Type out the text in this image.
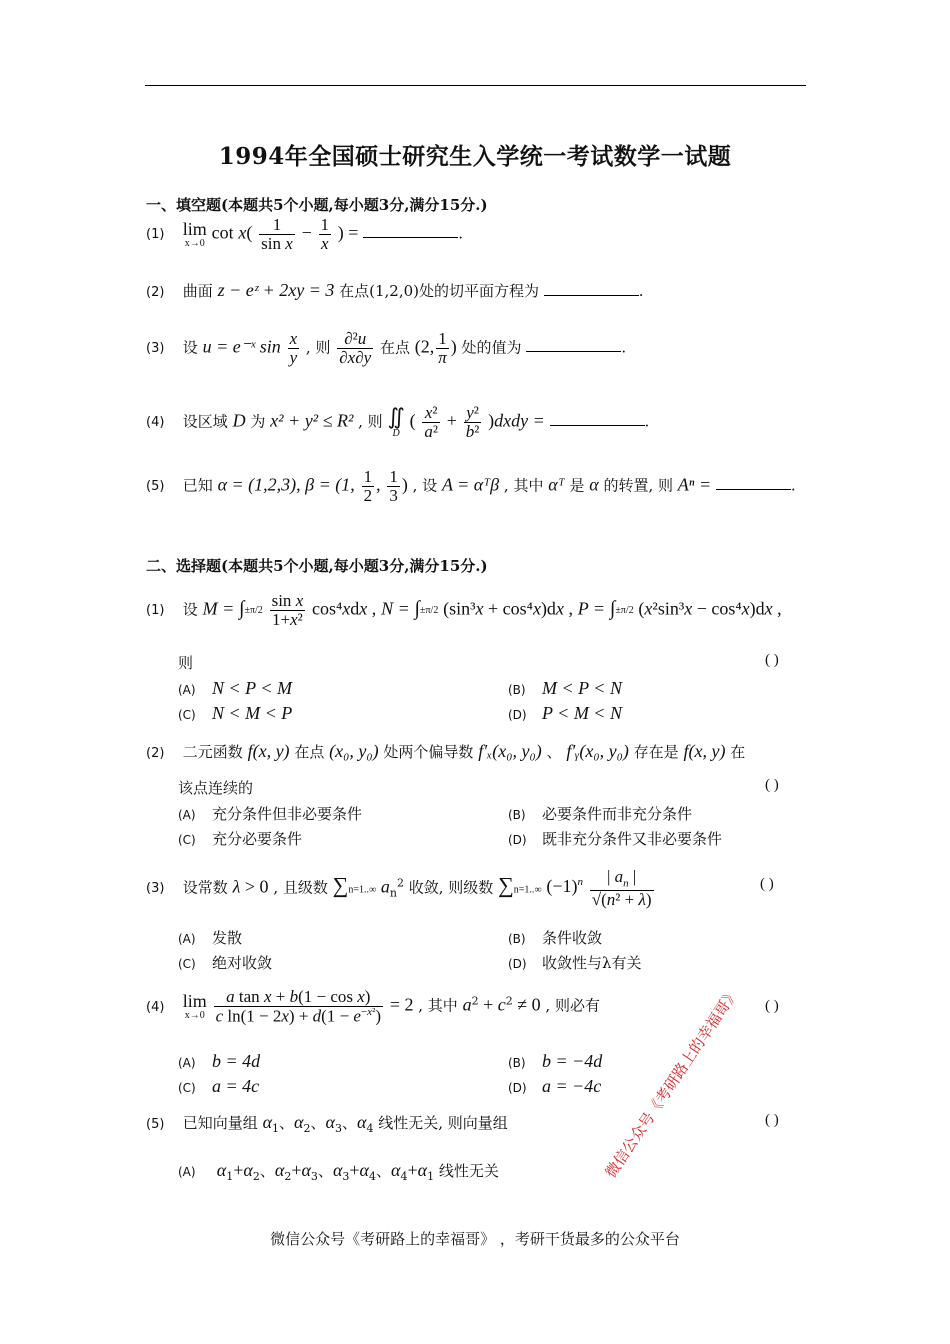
1994年全国硕士研究生入学统一考试数学一试题
一、填空题(本题共5个小题,每小题3分,满分15分.)
(1) lim
x→0
$\cot x( \frac{1}{\text{sin x}} - \frac{1}{x}$ ) =	.
(2) 曲面 z − eᶻ + 2xy = 3 在点(1,2,0)处的切平面方程为	.
(3) 设 u = e⁻ˣ $\sin \frac{x}{y}$ , 则 $\frac{\text{∂²u}}{\partial x\partial y}$ 在点 (2, $\frac{1}{\pi}$ ) 处的值为	.
(4) 设区域 D 为 x² + y² ≤ R² , 则 ∬
D
( $\frac{\text{x²}}{\text{a²}} + \frac{\text{y²}}{\text{b²}}$ )dxdy =	.
(5) 已知 α = (1,2,3), β = (1, $\frac{1}{2}$ , $\frac{1}{3}$ ) , 设 A = αᵀβ , 其中 αᵀ 是 α 的转置, 则 Aⁿ =	.
二、选择题(本题共5个小题,每小题3分,满分15分.)
(1) 设 $M = \int\pm\pi/2 \frac{\text{sin x}}{\text{1+x²}} \cos^4xdx$ , N = ∫±π/2 (sin³x + cos⁴x)dx , P = ∫±π/2 (x²sin³x − cos⁴x)dx ,
则	( )
(A) N < P < M	(B) M < P < N
(C) N < M < P	(D) P < M < N
(2) 二元函数 f(x, y) 在点 (x₀, y₀) 处两个偏导数 f′ₓ(x₀, y₀) 、 f′ᵧ(x₀, y₀) 存在是 f(x, y) 在
该点连续的	( )
(A) 充分条件但非必要条件	(B) 必要条件而非充分条件
(C) 充分必要条件	(D) 既非充分条件又非必要条件
(3) 设常数 λ > 0 , 且级数 ∑n=1..∞ $a_n^2$ 收敛, 则级数 ∑n=1..∞ $(-1)^n \frac{| a_n |}{\text{√(n² + λ)}}$	( )
(A) 发散	(B) 条件收敛
(C) 绝对收敛	(D) 收敛性与λ有关
(4) lim
x→0
$\frac{\text{a tan x + b(1 − cos x)}}{c \ln(1 - 2x) + d(1 - e^{-x^2})} = 2$ , 其中 $a^2 + c^2 \ne 0$ , 则必有	( )
(A) b = 4d	(B) b = −4d
(C) a = 4c	(D) a = −4c
(5) 已知向量组 $\alpha_1$、$\alpha_2$、$\alpha_3$、$\alpha_4$ 线性无关, 则向量组	( )
(A) $\alpha_1+\alpha_2$、$\alpha_2+\alpha_3$、$\alpha_3+\alpha_4$、$\alpha_4+\alpha_1$ 线性无关	微信公众号《考研路上的幸福哥》
微信公众号《考研路上的幸福哥》 ，考研干货最多的公众平台
